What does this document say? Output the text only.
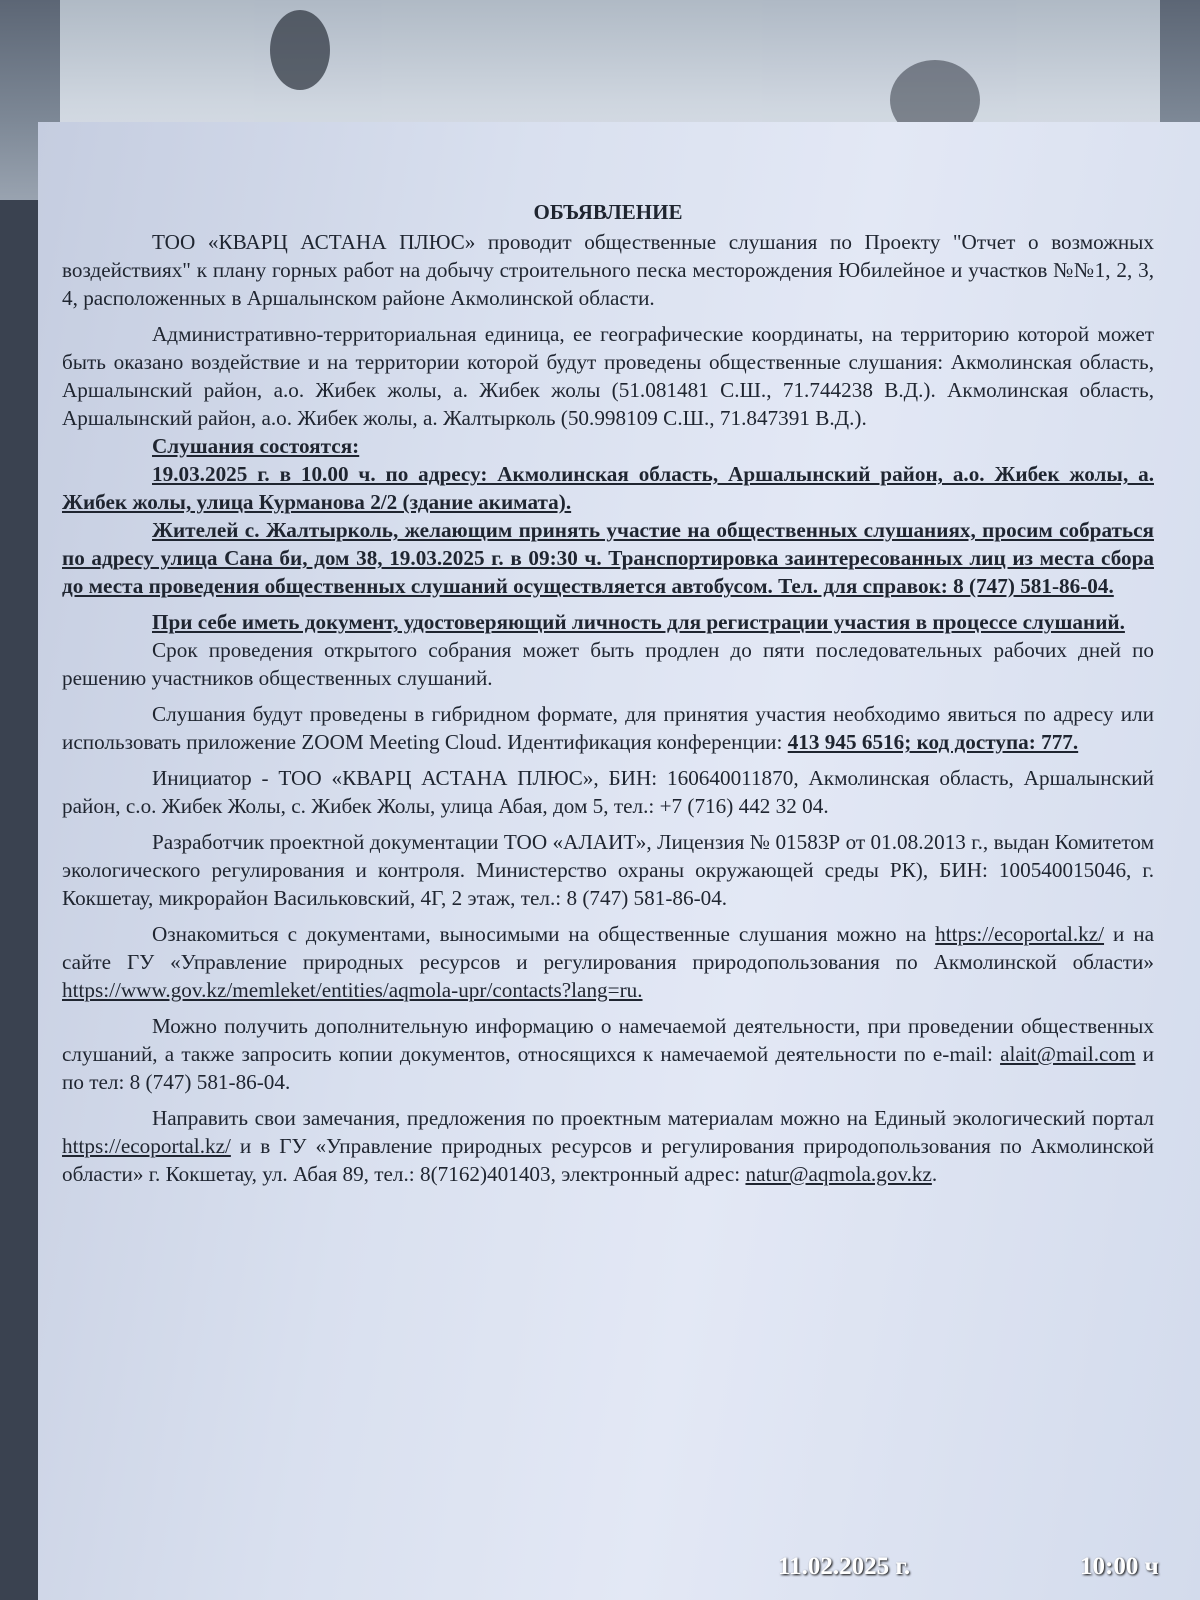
ОБЪЯВЛЕНИЕ

ТОО «КВАРЦ АСТАНА ПЛЮС» проводит общественные слушания по Проекту "Отчет о возможных воздействиях" к плану горных работ на добычу строительного песка месторождения Юбилейное и участков №№1, 2, 3, 4, расположенных в Аршалынском районе Акмолинской области.

Административно-территориальная единица, ее географические координаты, на территорию которой может быть оказано воздействие и на территории которой будут проведены общественные слушания: Акмолинская область, Аршалынский район, а.о. Жибек жолы, а. Жибек жолы (51.081481 С.Ш., 71.744238 В.Д.). Акмолинская область, Аршалынский район, а.о. Жибек жолы, а. Жалтырколь (50.998109 С.Ш., 71.847391 В.Д.).

Слушания состоятся:

19.03.2025 г. в 10.00 ч. по адресу: Акмолинская область, Аршалынский район, а.о. Жибек жолы, а. Жибек жолы, улица Курманова 2/2 (здание акимата).

Жителей с. Жалтырколь, желающим принять участие на общественных слушаниях, просим собраться по адресу улица Сана би, дом 38, 19.03.2025 г. в 09:30 ч. Транспортировка заинтересованных лиц из места сбора до места проведения общественных слушаний осуществляется автобусом. Тел. для справок: 8 (747) 581-86-04.

При себе иметь документ, удостоверяющий личность для регистрации участия в процессе слушаний.

Срок проведения открытого собрания может быть продлен до пяти последовательных рабочих дней по решению участников общественных слушаний.

Слушания будут проведены в гибридном формате, для принятия участия необходимо явиться по адресу или использовать приложение ZOOM Meeting Cloud. Идентификация конференции: 413 945 6516; код доступа: 777.

Инициатор - ТОО «КВАРЦ АСТАНА ПЛЮС», БИН: 160640011870, Акмолинская область, Аршалынский район, с.о. Жибек Жолы, с. Жибек Жолы, улица Абая, дом 5, тел.: +7 (716) 442 32 04.

Разработчик проектной документации ТОО «АЛАИТ», Лицензия № 01583Р от 01.08.2013 г., выдан Комитетом экологического регулирования и контроля. Министерство охраны окружающей среды РК), БИН: 100540015046, г. Кокшетау, микрорайон Васильковский, 4Г, 2 этаж, тел.: 8 (747) 581-86-04.

Ознакомиться с документами, выносимыми на общественные слушания можно на https://ecoportal.kz/ и на сайте ГУ «Управление природных ресурсов и регулирования природопользования по Акмолинской области» https://www.gov.kz/memleket/entities/aqmola-upr/contacts?lang=ru.

Можно получить дополнительную информацию о намечаемой деятельности, при проведении общественных слушаний, а также запросить копии документов, относящихся к намечаемой деятельности по e-mail: alait@mail.com и по тел: 8 (747) 581-86-04.

Направить свои замечания, предложения по проектным материалам можно на Единый экологический портал https://ecoportal.kz/ и в ГУ «Управление природных ресурсов и регулирования природопользования по Акмолинской области» г. Кокшетау, ул. Абая 89, тел.: 8(7162)401403, электронный адрес: natur@aqmola.gov.kz.

11.02.2025 г.	10:00 ч
